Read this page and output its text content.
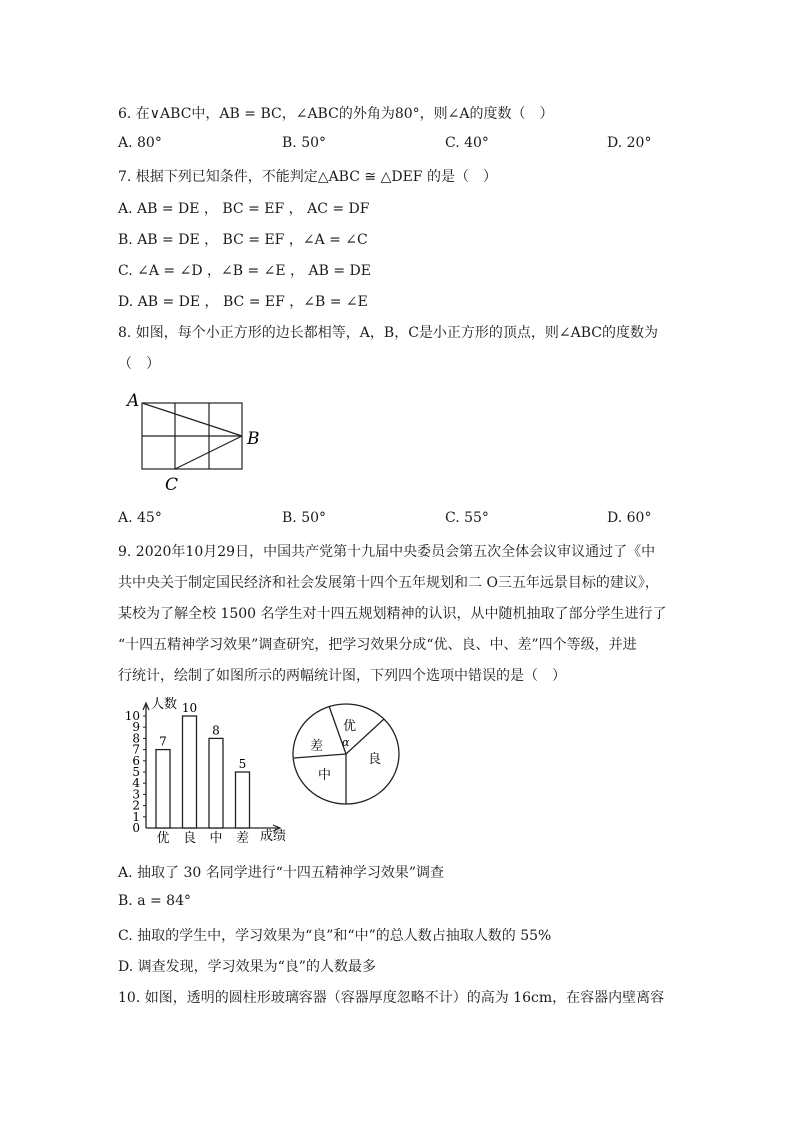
6. 在∨ABC中，AB = BC，∠ABC的外角为80°，则∠A的度数（　）
A. 80°	B. 50°	C. 40°	D. 20°
7. 根据下列已知条件，不能判定△ABC ≅ △DEF 的是（　）
A. AB = DE ， BC = EF ， AC = DF
B. AB = DE ， BC = EF ，∠A = ∠C
C. ∠A = ∠D ，∠B = ∠E ， AB = DE
D. AB = DE ， BC = EF ，∠B = ∠E
8. 如图，每个小正方形的边长都相等，A，B，C是小正方形的顶点，则∠ABC的度数为
（　）
A
B
C
A. 45°	B. 50°	C. 55°	D. 60°
9. 2020年10月29日，中国共产党第十九届中央委员会第五次全体会议审议通过了《中
共中央关于制定国民经济和社会发展第十四个五年规划和二 O三五年远景目标的建议》，
某校为了解全校 1500 名学生对十四五规划精神的认识，从中随机抽取了部分学生进行了
“十四五精神学习效果”调查研究，把学习效果分成“优、良、中、差”四个等级，并进
行统计，绘制了如图所示的两幅统计图，下列四个选项中错误的是（　）
人数
成绩
0
1
2
3
4
5
6
7
8
9
10
7
优
10
良
8
中
5
差
优
良
中
差 α
A. 抽取了 30 名同学进行“十四五精神学习效果”调查
B. a = 84°
C. 抽取的学生中，学习效果为“良”和“中”的总人数占抽取人数的 55%
D. 调查发现，学习效果为“良”的人数最多
10. 如图，透明的圆柱形玻璃容器（容器厚度忽略不计）的高为 16cm，在容器内壁离容
